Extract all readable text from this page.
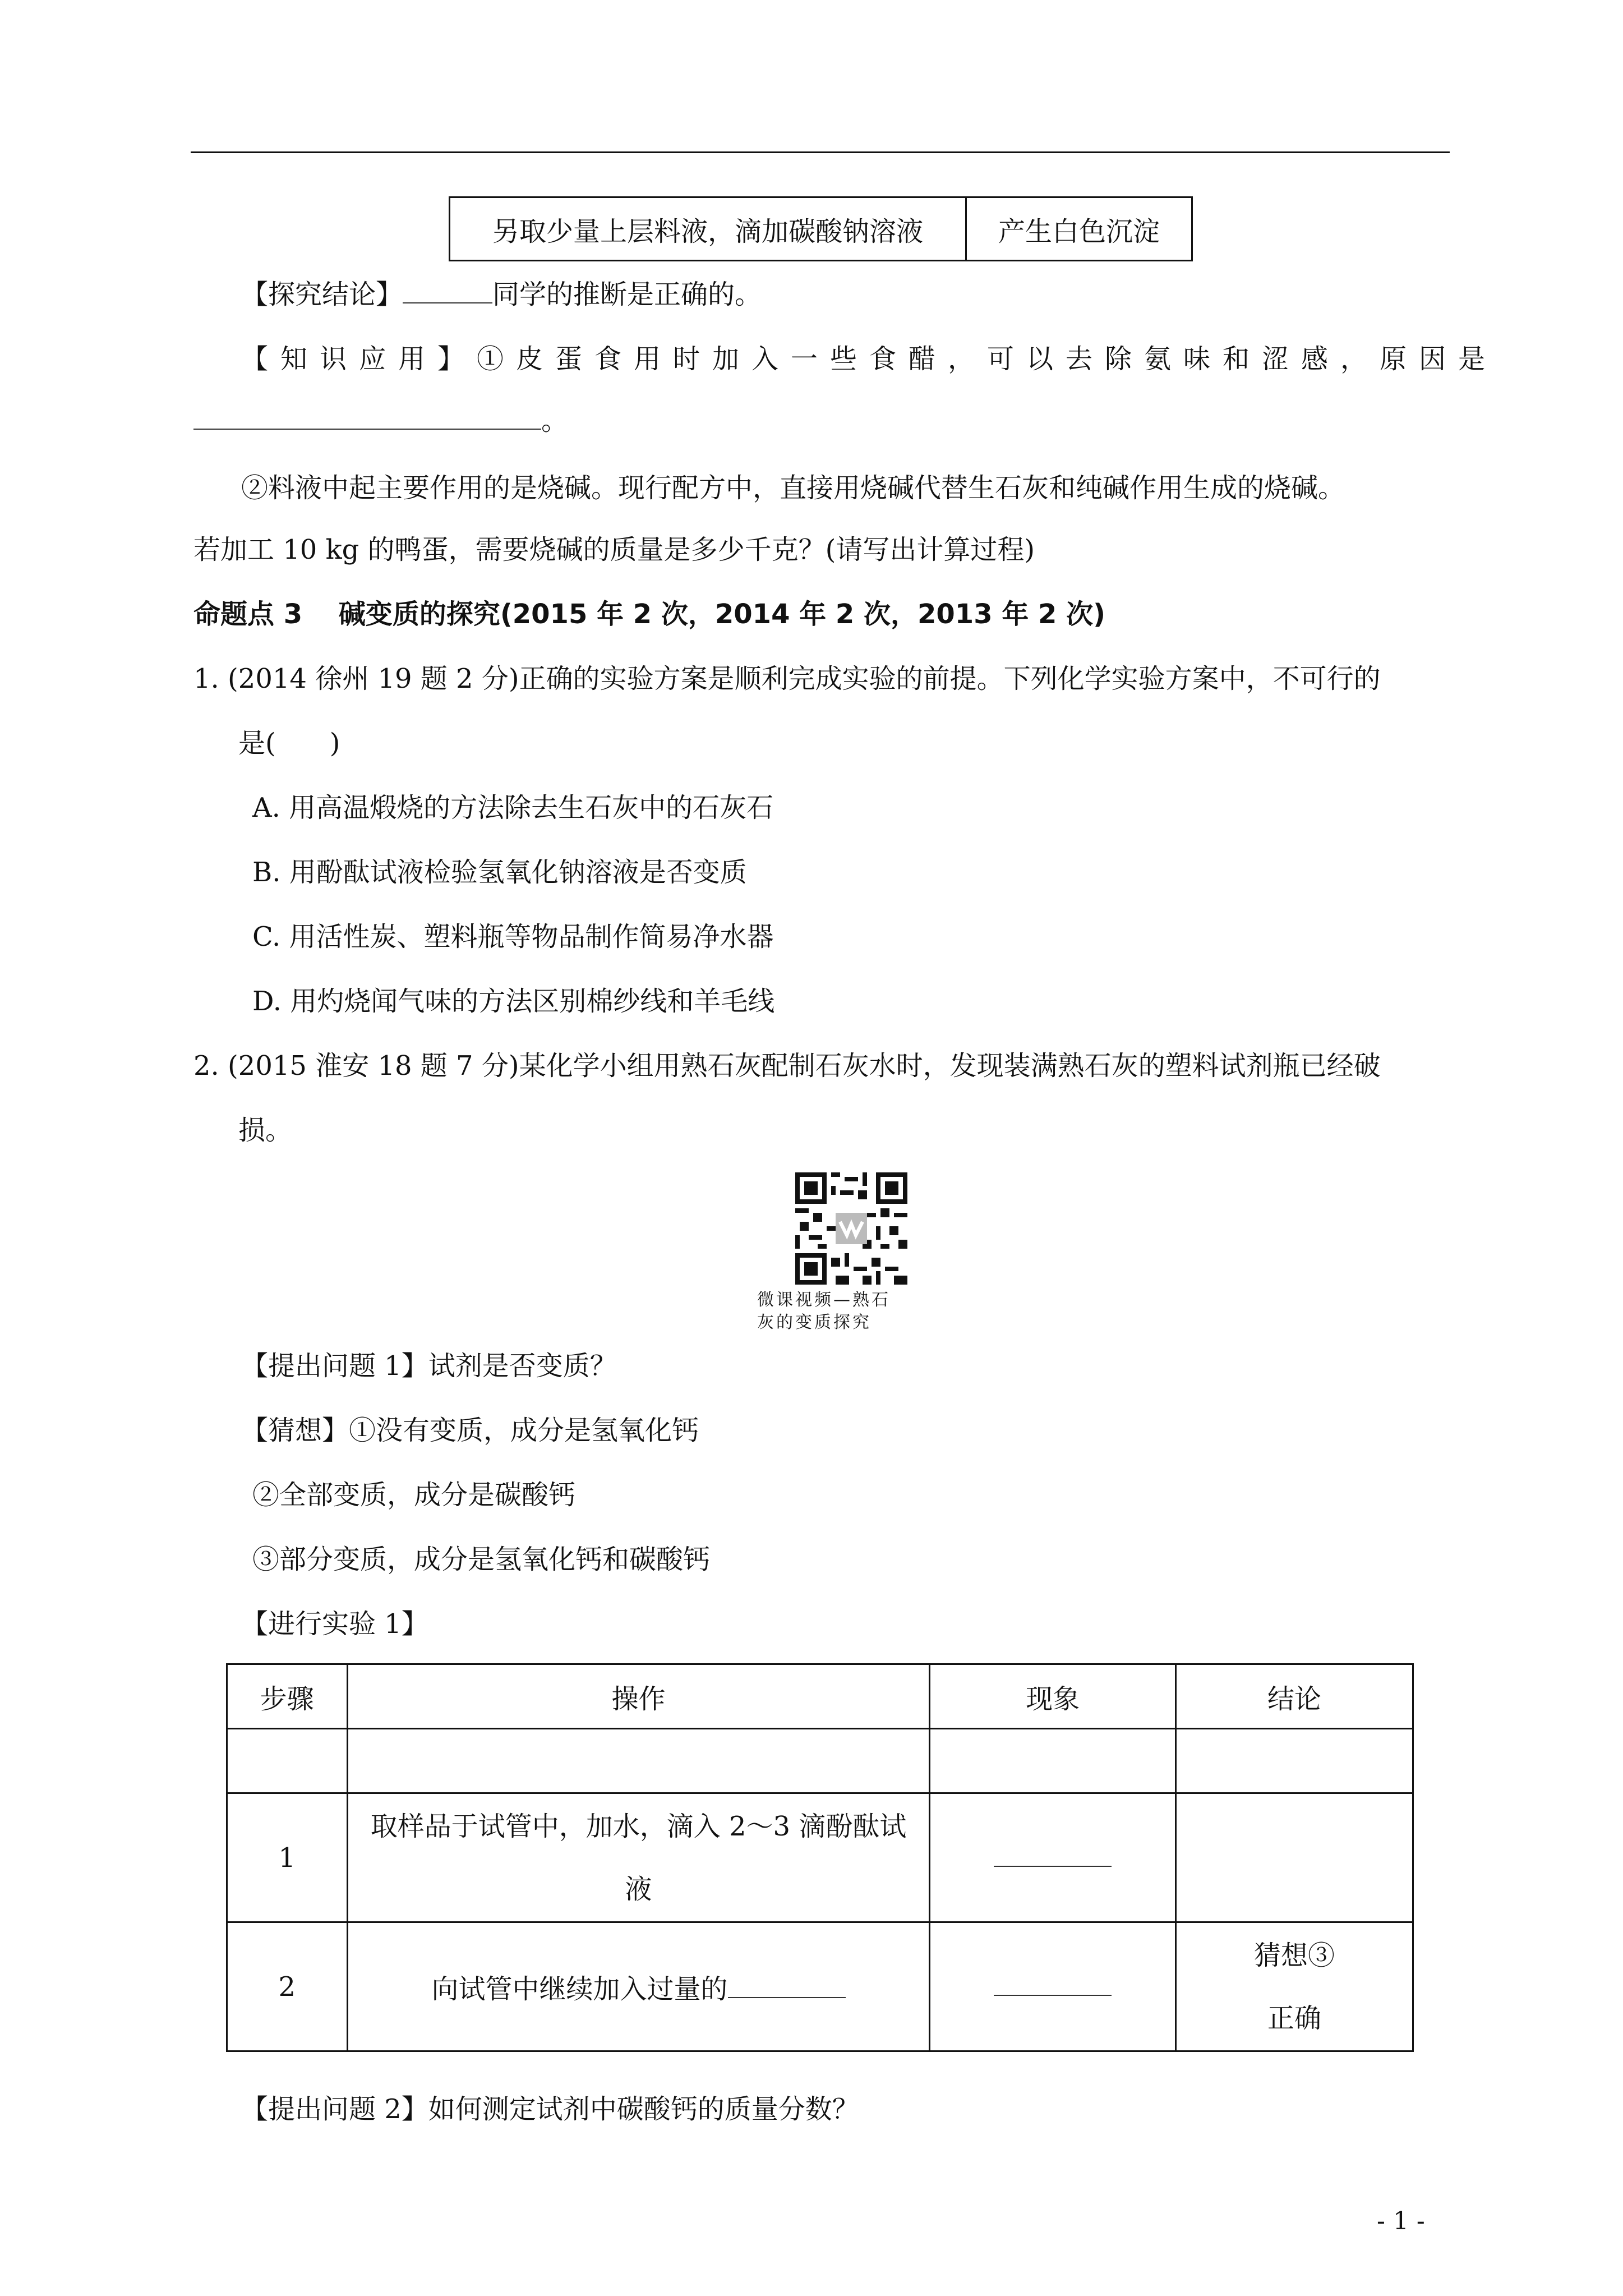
另取少量上层料液，滴加碳酸钠溶液	产生白色沉淀
【探究结论】	同学的推断是正确的。
【知识应用】①皮蛋食用时加入一些食醋，可以去除氨味和涩感，原因是
。
②料液中起主要作用的是烧碱。现行配方中，直接用烧碱代替生石灰和纯碱作用生成的烧碱。
若加工 10 kg 的鸭蛋，需要烧碱的质量是多少千克？(请写出计算过程)
命题点 3　 碱变质的探究(2015 年 2 次，2014 年 2 次，2013 年 2 次)
1. (2014 徐州 19 题 2 分)正确的实验方案是顺利完成实验的前提。下列化学实验方案中，不可行的
是(　　)
A. 用高温煅烧的方法除去生石灰中的石灰石
B. 用酚酞试液检验氢氧化钠溶液是否变质
C. 用活性炭、塑料瓶等物品制作简易净水器
D. 用灼烧闻气味的方法区别棉纱线和羊毛线
2. (2015 淮安 18 题 7 分)某化学小组用熟石灰配制石灰水时，发现装满熟石灰的塑料试剂瓶已经破
损。
微课视频—熟石
灰的变质探究
【提出问题 1】试剂是否变质？
【猜想】①没有变质，成分是氢氧化钙
②全部变质，成分是碳酸钙
③部分变质，成分是氢氧化钙和碳酸钙
【进行实验 1】
步骤	操作	现象	结论

1	取样品于试管中，加水，滴入 2～3 滴酚酞试
液		

2	向试管中继续加入过量的		猜想③
正确
【提出问题 2】如何测定试剂中碳酸钙的质量分数？
- 1 -
